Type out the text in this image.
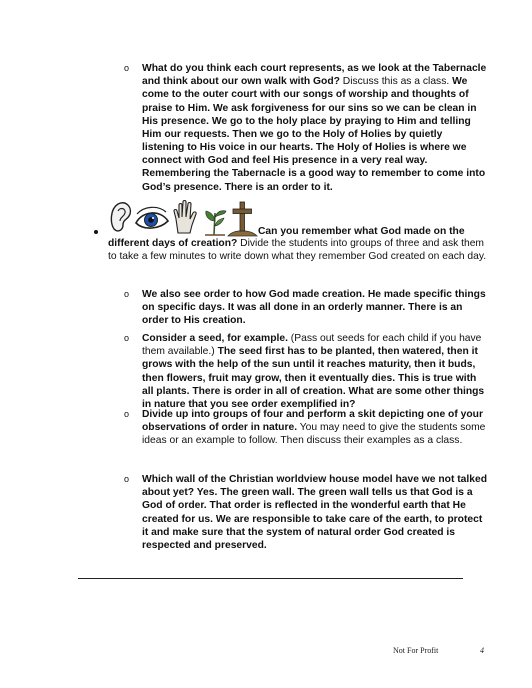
o What do you think each court represents, as we look at the Tabernacle and think about our own walk with God? Discuss this as a class. We come to the outer court with our songs of worship and thoughts of praise to Him. We ask forgiveness for our sins so we can be clean in His presence. We go to the holy place by praying to Him and telling Him our requests. Then we go to the Holy of Holies by quietly listening to His voice in our hearts. The Holy of Holies is where we connect with God and feel His presence in a very real way. Remembering the Tabernacle is a good way to remember to come into God’s presence. There is an order to it.
Can you remember what God made on the
different days of creation? Divide the students into groups of three and ask them to take a few minutes to write down what they remember God created on each day.
o We also see order to how God made creation. He made specific things on specific days. It was all done in an orderly manner. There is an order to His creation.
o Consider a seed, for example. (Pass out seeds for each child if you have them available.) The seed first has to be planted, then watered, then it grows with the help of the sun until it reaches maturity, then it buds, then flowers, fruit may grow, then it eventually dies. This is true with all plants. There is order in all of creation. What are some other things in nature that you see order exemplified in?
o Divide up into groups of four and perform a skit depicting one of your observations of order in nature. You may need to give the students some ideas or an example to follow. Then discuss their examples as a class.
o Which wall of the Christian worldview house model have we not talked about yet? Yes. The green wall. The green wall tells us that God is a God of order. That order is reflected in the wonderful earth that He created for us. We are responsible to take care of the earth, to protect it and make sure that the system of natural order God created is respected and preserved.
Not For Profit	4
